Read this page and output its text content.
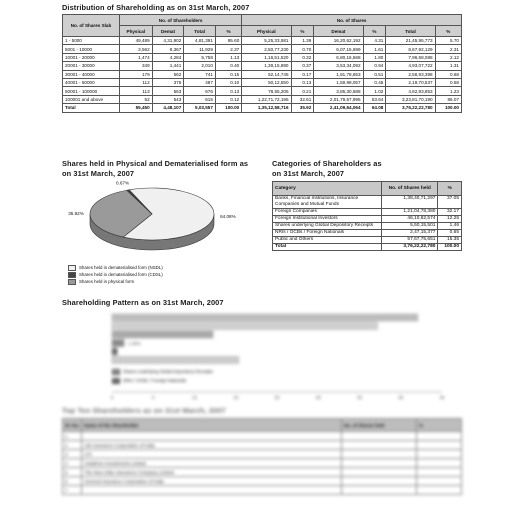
Distribution of Shareholding as on 31st March, 2007
No. of Shares Slab	No. of Shareholders				No. of Shares					
	Physical	Demat	Total	%	Physical	%	Demat	%	Total	%
1 - 5000	49,489	4,31,902	4,81,391	95.60	5,25,33,581	1.39	16,20,62,192	4.31	21,45,95,773	5.70
5001 - 10000	3,562	8,367	11,929	2.37	2,50,77,230	0.70	6,07,15,699	1.61	8,67,92,129	2.31
10001 - 20000	1,474	4,284	5,758	1.13	1,16,51,520	0.32	6,80,16,568	1.80	7,96,68,088	2.12
20001 - 30000	349	1,441	2,010	0.40	1,39,15,890	0.37	3,53,34,092	0.94	4,93,07,722	1.31
30001 - 40000	179	562	741	0.15	52,14,745	0.17	1,91,78,653	0.51	2,56,93,398	0.68
40001 - 50000	112	375	487	0.10	50,12,550	0.13	1,59,98,057	0.45	2,19,70,537	0.58
50001 - 100000	113	563	676	0.13	78,55,205	0.21	3,85,30,688	1.02	4,62,93,853	1.23
100001 and above	52	543	615	0.12	1,22,71,72,195	32.61	2,01,79,57,995	53.64	3,23,81,70,190	86.07
Total	55,450	4,48,107	5,03,557	100.00	1,35,12,58,716	35.92	2,41,09,64,064	64.08	3,76,22,22,780	100.00
Shares held in Physical and Dematerialised form as
on 31st March, 2007
64.08%
35.92%
0.67%
Shares held in dematerialised form (NSDL)
Shares held in dematerialised form (CDSL)
Shares held in physical form
Categories of Shareholders as
on 31st March, 2007
Category	No. of Shares held	%
Banks, Financial Institutions, Insurance Companies and Mutual Funds	1,38,40,71,297	37.05
Foreign Companies	1,21,04,78,380	32.17
Foreign Institutional Investors	46,10,62,574	12.25
Shares underlying Global Depository Receipts	5,50,15,501	1.46
NRIs / OCBs / Foreign Nationals	2,47,15,377	0.65
Public and Others	57,67,75,651	15.35
Total	3,76,22,22,780	100.00
Shareholding Pattern as on 31st March, 2007
1.46%
0	5	10	15	20	25	30	35	40
Shares underlying Global Depository Receipts
NRIs / OCBs / Foreign Nationals
Top Ten Shareholders as on 31st March, 2007
Sl. No.	Name of the Shareholder	No. of Shares held	%
1			
2	Life Insurance Corporation of India		
3	UTI		
4	Vodafone Investments Limited		
5	The New India Assurance Company Limited		
6	General Insurance Corporation of India		
7			
